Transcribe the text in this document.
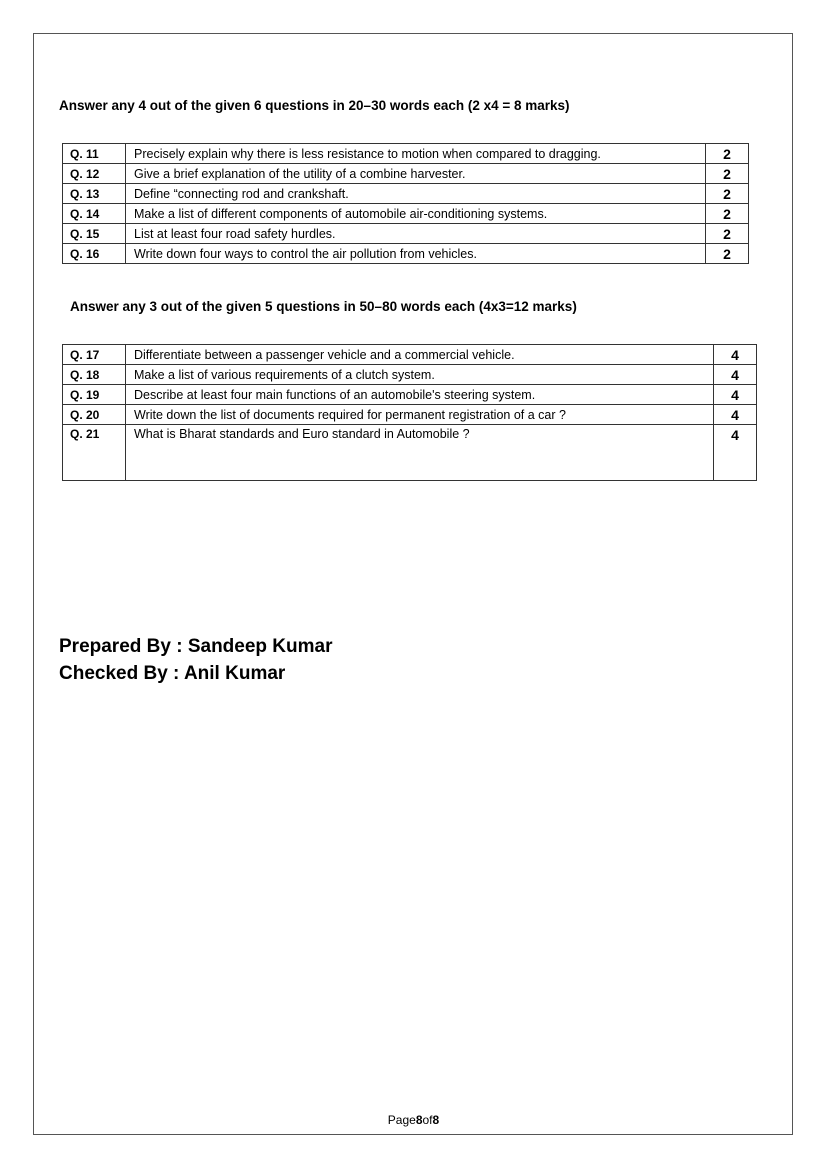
Answer any 4 out of the given 6 questions in 20–30 words each (2 x4 = 8 marks)
Q. 11	Precisely explain why there is less resistance to motion when compared to dragging.	2
Q. 12	Give a brief explanation of the utility of a combine harvester.	2
Q. 13	Define “connecting rod and crankshaft.	2
Q. 14	Make a list of different components of automobile air-conditioning systems.	2
Q. 15	List at least four road safety hurdles.	2
Q. 16	Write down four ways to control the air pollution from vehicles.	2
Answer any 3 out of the given 5 questions in 50–80 words each (4x3=12 marks)
Q. 17	Differentiate between a passenger vehicle and a commercial vehicle.	4
Q. 18	Make a list of various requirements of a clutch system.	4
Q. 19	Describe at least four main functions of an automobile's steering system.	4
Q. 20	Write down the list of documents required for permanent registration of a car ?	4
Q. 21	What is Bharat standards and Euro standard in Automobile ?	4
Prepared By : Sandeep Kumar
Checked By : Anil Kumar
Page8of8
